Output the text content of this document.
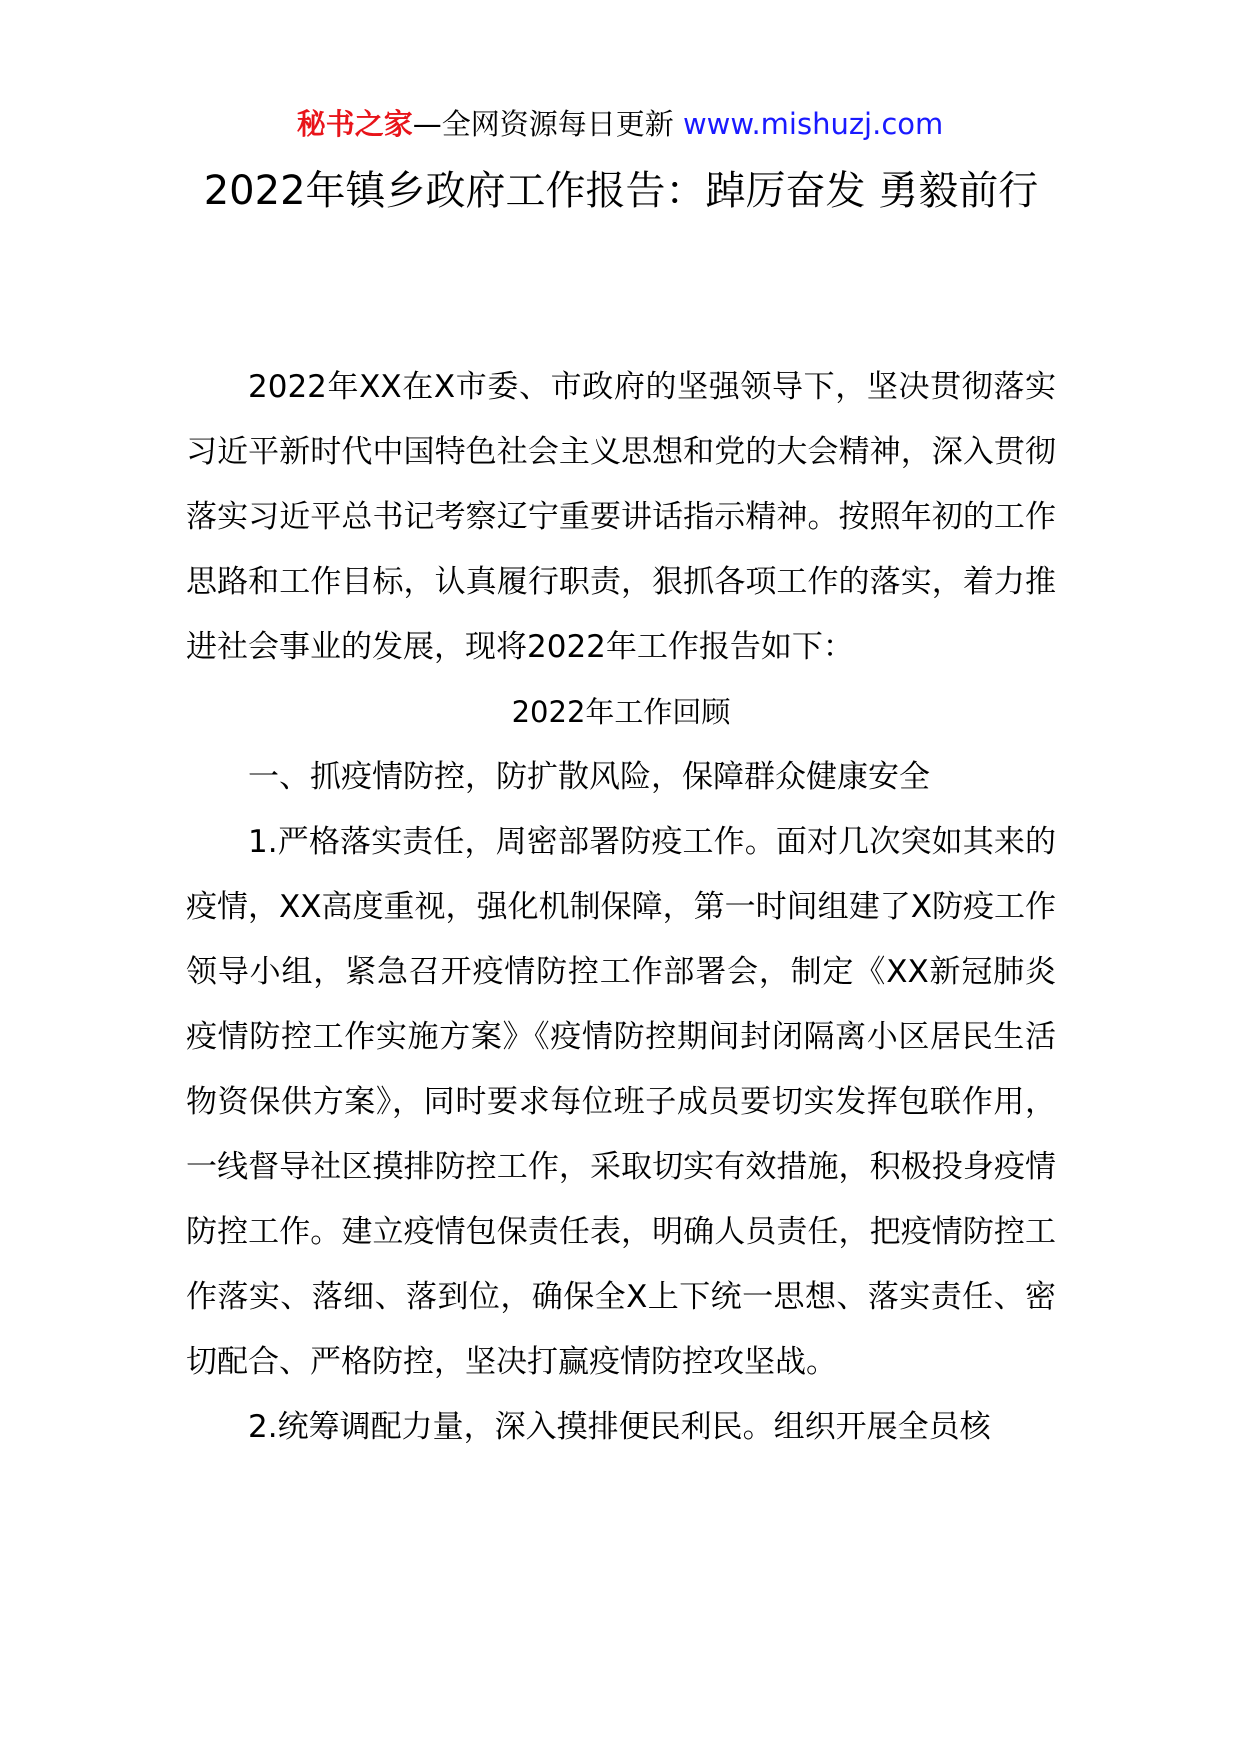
秘书之家—全网资源每日更新 www.mishuzj.com
2022年镇乡政府工作报告：踔厉奋发 勇毅前行

2022年XX在X市委、市政府的坚强领导下，坚决贯彻落实习近平新时代中国特色社会主义思想和党的大会精神，深入贯彻落实习近平总书记考察辽宁重要讲话指示精神。按照年初的工作思路和工作目标，认真履行职责，狠抓各项工作的落实，着力推进社会事业的发展，现将2022年工作报告如下：

2022年工作回顾

一、抓疫情防控，防扩散风险，保障群众健康安全

1.严格落实责任，周密部署防疫工作。面对几次突如其来的疫情，XX高度重视，强化机制保障，第一时间组建了X防疫工作领导小组，紧急召开疫情防控工作部署会，制定《XX新冠肺炎疫情防控工作实施方案》《疫情防控期间封闭隔离小区居民生活物资保供方案》，同时要求每位班子成员要切实发挥包联作用，一线督导社区摸排防控工作，采取切实有效措施，积极投身疫情防控工作。建立疫情包保责任表，明确人员责任，把疫情防控工作落实、落细、落到位，确保全X上下统一思想、落实责任、密切配合、严格防控，坚决打赢疫情防控攻坚战。

2.统筹调配力量，深入摸排便民利民。组织开展全员核
